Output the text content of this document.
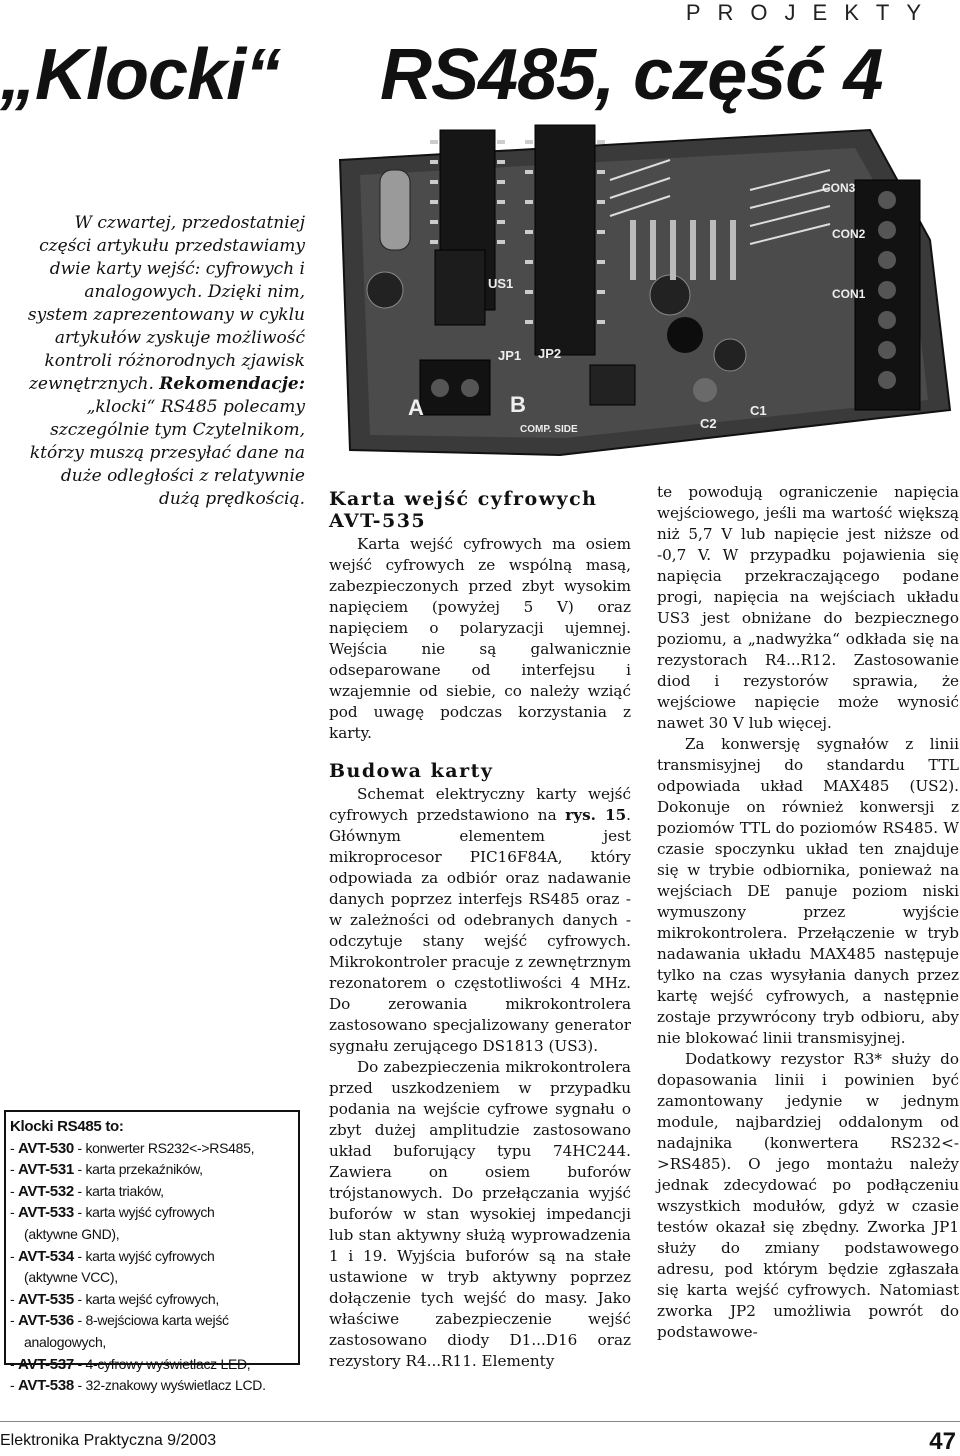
PROJEKTY
„Klocki“ RS485, część 4
W czwartej, przedostatniej części artykułu przedstawiamy dwie karty wejść: cyfrowych i analogowych. Dzięki nim, system zaprezentowany w cyklu artykułów zyskuje możliwość kontroli różnorodnych zjawisk zewnętrznych. Rekomendacje: „klocki“ RS485 polecamy szczególnie tym Czytelnikom, którzy muszą przesyłać dane na duże odległości z relatywnie dużą prędkością.
A	B
JP1 JP2
US1
CON1
CON2
CON3
C1
C2
COMP. SIDE
Karta wejść cyfrowych AVT-535

Karta wejść cyfrowych ma osiem wejść cyfrowych ze wspólną masą, zabezpieczonych przed zbyt wysokim napięciem (powyżej 5 V) oraz napięciem o polaryzacji ujemnej. Wejścia nie są galwanicznie odseparowane od interfejsu i wzajemnie od siebie, co należy wziąć pod uwagę podczas korzystania z karty.

Budowa karty

Schemat elektryczny karty wejść cyfrowych przedstawiono na rys. 15. Głównym elementem jest mikroprocesor PIC16F84A, który odpowiada za odbiór oraz nadawanie danych poprzez interfejs RS485 oraz - w zależności od odebranych danych - odczytuje stany wejść cyfrowych. Mikrokontroler pracuje z zewnętrznym rezonatorem o częstotliwości 4 MHz. Do zerowania mikrokontrolera zastosowano specjalizowany generator sygnału zerującego DS1813 (US3).

Do zabezpieczenia mikrokontrolera przed uszkodzeniem w przypadku podania na wejście cyfrowe sygnału o zbyt dużej amplitudzie zastosowano układ buforujący typu 74HC244. Zawiera on osiem buforów trójstanowych. Do przełączania wyjść buforów w stan wysokiej impedancji lub stan aktywny służą wyprowadzenia 1 i 19. Wyjścia buforów są na stałe ustawione w tryb aktywny poprzez dołączenie tych wejść do masy. Jako właściwe zabezpieczenie wejść zastosowano diody D1...D16 oraz rezystory R4...R11. Elementy

te powodują ograniczenie napięcia wejściowego, jeśli ma wartość większą niż 5,7 V lub napięcie jest niższe od -0,7 V. W przypadku pojawienia się napięcia przekraczającego podane progi, napięcia na wejściach układu US3 jest obniżane do bezpiecznego poziomu, a „nadwyżka“ odkłada się na rezystorach R4...R12. Zastosowanie diod i rezystorów sprawia, że wejściowe napięcie może wynosić nawet 30 V lub więcej.

Za konwersję sygnałów z linii transmisyjnej do standardu TTL odpowiada układ MAX485 (US2). Dokonuje on również konwersji z poziomów TTL do poziomów RS485. W czasie spoczynku układ ten znajduje się w trybie odbiornika, ponieważ na wejściach DE panuje poziom niski wymuszony przez wyjście mikrokontrolera. Przełączenie w tryb nadawania układu MAX485 następuje tylko na czas wysyłania danych przez kartę wejść cyfrowych, a następnie zostaje przywrócony tryb odbioru, aby nie blokować linii transmisyjnej.

Dodatkowy rezystor R3* służy do dopasowania linii i powinien być zamontowany jedynie w jednym module, najbardziej oddalonym od nadajnika (konwertera RS232<->RS485). O jego montażu należy jednak zdecydować po podłączeniu wszystkich modułów, gdyż w czasie testów okazał się zbędny. Zworka JP1 służy do zmiany podstawowego adresu, pod którym będzie zgłaszała się karta wejść cyfrowych. Natomiast zworka JP2 umożliwia powrót do podstawowe-

Klocki RS485 to:
- AVT-530 - konwerter RS232<->RS485,
- AVT-531 - karta przekaźników,
- AVT-532 - karta triaków,
- AVT-533 - karta wyjść cyfrowych
(aktywne GND),
- AVT-534 - karta wyjść cyfrowych
(aktywne VCC),
- AVT-535 - karta wejść cyfrowych,
- AVT-536 - 8-wejściowa karta wejść
analogowych,
- AVT-537 - 4-cyfrowy wyświetlacz LED,
- AVT-538 - 32-znakowy wyświetlacz LCD.
Elektronika Praktyczna 9/2003	47
